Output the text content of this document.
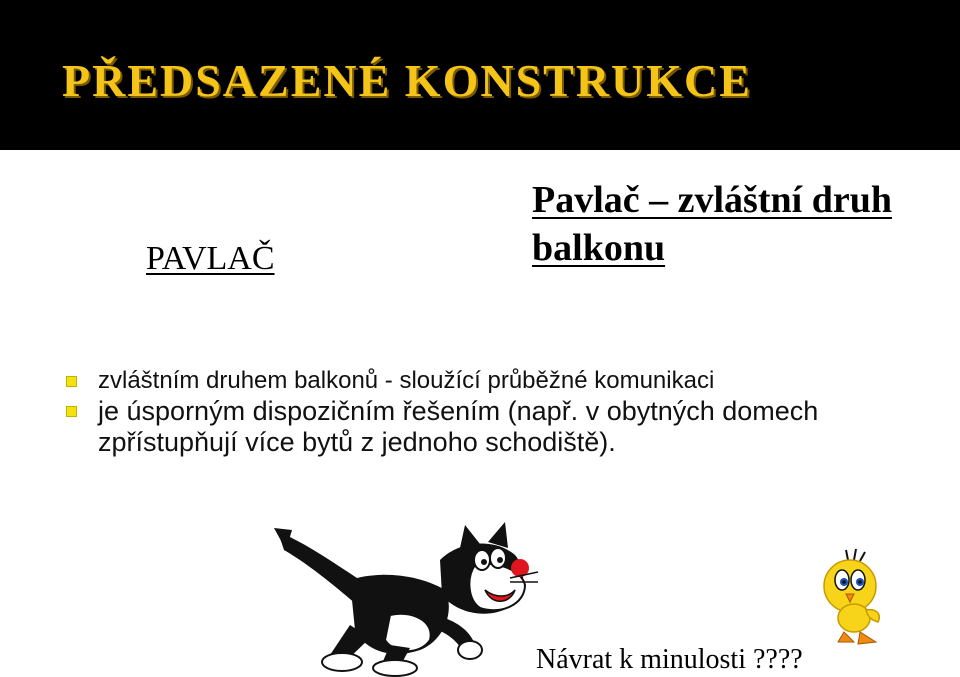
PŘEDSAZENÉ KONSTRUKCE
PAVLAČ
Pavlač – zvláštní druh balkonu
zvláštním druhem balkonů - sloužící průběžné komunikaci
je úsporným dispozičním řešením (např. v obytných domech zpřístupňují více bytů z jednoho schodiště).
Návrat k minulosti ????
